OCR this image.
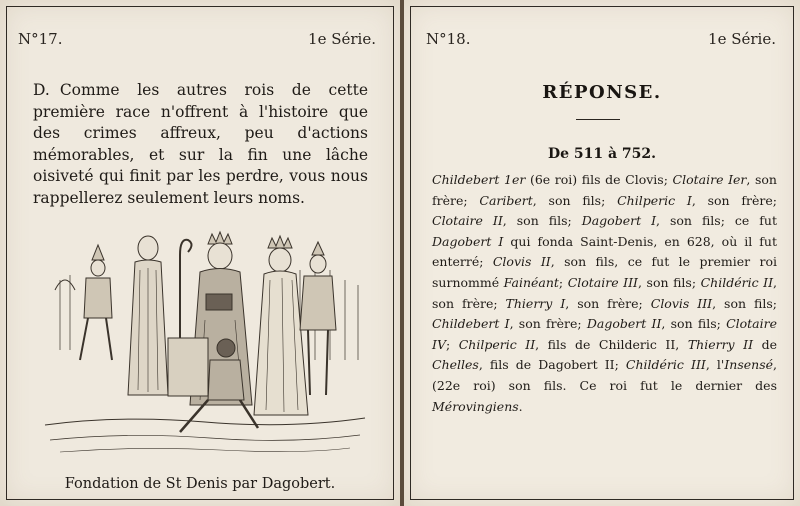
N°17.	1e Série.
D. Comme les autres rois de cette première race n'offrent à l'histoire que des crimes affreux, peu d'actions mémorables, et sur la fin une lâche oisiveté qui finit par les perdre, vous nous rappellerez seulement leurs noms.
Fondation de St Denis par Dagobert.
N°18.	1e Série.
RÉPONSE.
De 511 à 752.
Childebert 1er (6e roi) fils de Clovis; Clotaire Ier, son frère; Caribert, son fils; Chilperic I, son frère; Clotaire II, son fils; Dagobert I, son fils; ce fut Dagobert I qui fonda Saint-Denis, en 628, où il fut enterré; Clovis II, son fils, ce fut le premier roi surnommé Fainéant; Clotaire III, son fils; Childéric II, son frère; Thierry I, son frère; Clovis III, son fils; Childebert I, son frère; Dagobert II, son fils; Clotaire IV; Chilperic II, fils de Childeric II, Thierry II de Chelles, fils de Dagobert II; Childéric III, l'Insensé, (22e roi) son fils. Ce roi fut le dernier des Mérovingiens.
